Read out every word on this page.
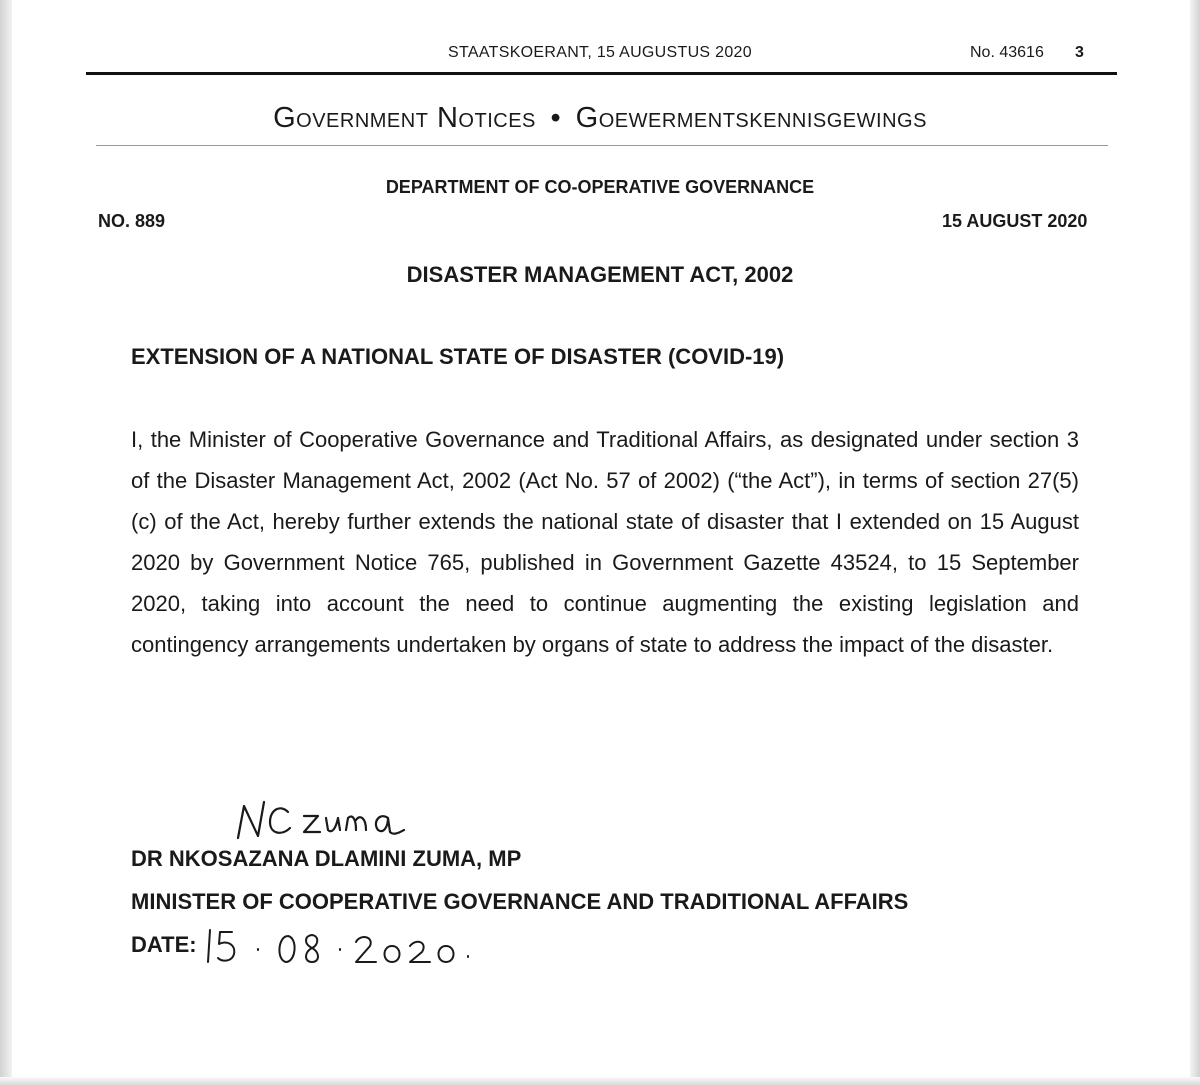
STAATSKOERANT, 15 AUGUSTUS 2020	No. 43616 3
Government Notices • Goewermentskennisgewings
DEPARTMENT OF CO-OPERATIVE GOVERNANCE
NO. 889	15 AUGUST 2020
DISASTER MANAGEMENT ACT, 2002
EXTENSION OF A NATIONAL STATE OF DISASTER (COVID-19)
I, the Minister of Cooperative Governance and Traditional Affairs, as designated under section 3 of the Disaster Management Act, 2002 (Act No. 57 of 2002) (“the Act”), in terms of section 27(5)(c) of the Act, hereby further extends the national state of disaster that I extended on 15 August 2020 by Government Notice 765, published in Government Gazette 43524, to 15 September 2020, taking into account the need to continue augmenting the existing legislation and contingency arrangements undertaken by organs of state to address the impact of the disaster.
DR NKOSAZANA DLAMINI ZUMA, MP
MINISTER OF COOPERATIVE GOVERNANCE AND TRADITIONAL AFFAIRS
DATE:
